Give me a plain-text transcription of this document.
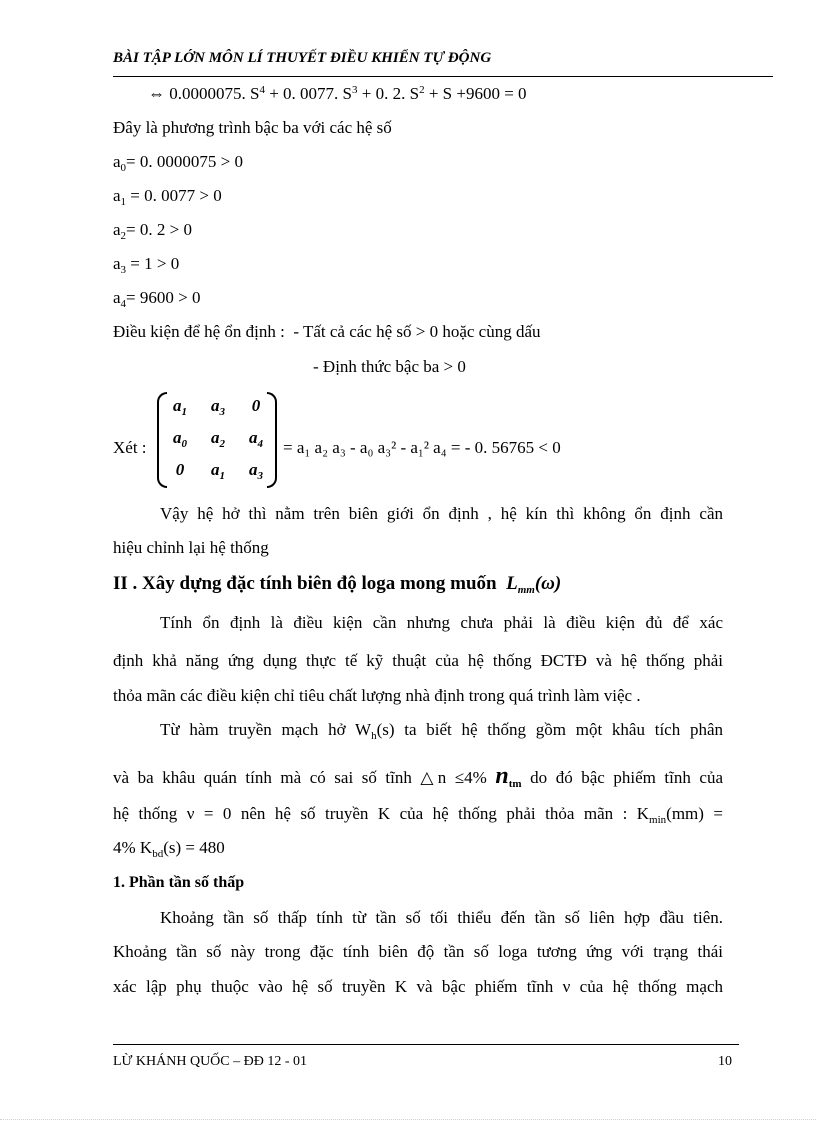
BÀI TẬP LỚN MÔN LÍ THUYẾT ĐIỀU KHIỂN TỰ ĐỘNG
⇔ 0.0000075. $S^4 + 0$. 0077. $S^3 + 0$. 2. $S^2 + S +9600 = 0$
Đây là phương trình bậc ba với các hệ số
$a_0= 0$. 0000075 > 0
$a_1 = 0$. 0077 > 0
$a_2= 0$. 2 > 0
$a_3 = 1 > 0$
$a_4= 9600 > 0$
Điều kiện để hệ ổn định : - Tất cả các hệ số > 0 hoặc cùng dấu
- Định thức bậc ba > 0
Xét :
$a_1$	$a_3$	0
$a_0$	$a_2$	$a_4$
0	$a_1$	$a_3$
= a₁ a₂ a₃ - a₀ a₃² - a₁² a₄ = - 0. 56765 < 0
Vậy hệ hở thì nằm trên biên giới ổn định , hệ kín thì không ổn định cần
hiệu chỉnh lại hệ thống
II . Xây dựng đặc tính biên độ loga mong muốn $L_{mm}(\omega)$
Tính ổn định là điều kiện cần nhưng chưa phải là điều kiện đủ để xác
định khả năng ứng dụng thực tế kỹ thuật của hệ thống ĐCTĐ và hệ thống phải
thỏa mãn các điều kiện chỉ tiêu chất lượng nhà định trong quá trình làm việc .
Từ hàm truyền mạch hở $W_h(s)$ ta biết hệ thống gồm một khâu tích phân
và ba khâu quán tính mà có sai số tĩnh △n ≤4% $n_{tm}$ do đó bậc phiếm tĩnh của
hệ thống ν = 0 nên hệ số truyền K của hệ thống phải thỏa mãn : $K_{min}(mm)$ =
4% $K_{bd}(s) = 480$
1. Phần tần số thấp
Khoảng tần số thấp tính từ tần số tối thiểu đến tần số liên hợp đầu tiên.
Khoảng tần số này trong đặc tính biên độ tần số loga tương ứng với trạng thái
xác lập phụ thuộc vào hệ số truyền K và bậc phiếm tĩnh ν của hệ thống mạch
LỪ KHÁNH QUỐC – ĐĐ 12 - 01	10
